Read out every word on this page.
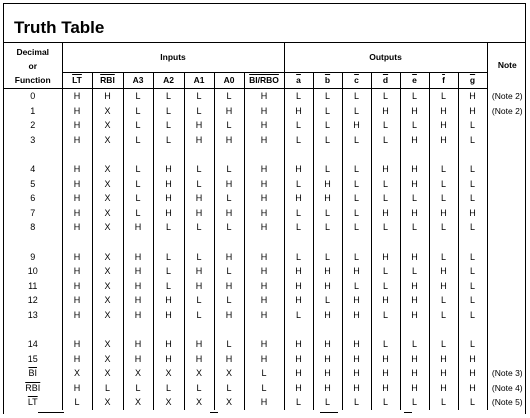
Truth Table
Decimal
or	Inputs							Outputs							Note
Function	$\overline{LT}$	$\overline{RBI}$	A3	A2	A1	A0	BI/RBO	$\overline{a}$	$\overline{b}$	$\overline{c}$	$\overline{d}$	$\overline{e}$	$\overline{f}$	$\overline{g}$
0	H	H	L	L	L	L	H	L	L	L	L	L	L	H	(Note 2)
1	H	X	L	L	L	H	H	H	L	L	H	H	H	H	(Note 2)
2	H	X	L	L	H	L	H	L	L	H	L	L	H	L	
3	H	X	L	L	H	H	H	L	L	L	L	H	H	L	

4	H	X	L	H	L	L	H	H	L	L	H	H	L	L	
5	H	X	L	H	L	H	H	L	H	L	L	H	L	L	
6	H	X	L	H	H	L	H	H	H	L	L	L	L	L	
7	H	X	L	H	H	H	H	L	L	L	H	H	H	H	
8	H	X	H	L	L	L	H	L	L	L	L	L	L	L	

9	H	X	H	L	L	H	H	L	L	L	H	H	L	L	
10	H	X	H	L	H	L	H	H	H	H	L	L	H	L	
11	H	X	H	L	H	H	H	H	H	L	L	H	H	L	
12	H	X	H	H	L	L	H	H	L	H	H	H	L	L	
13	H	X	H	H	L	H	H	L	H	H	L	H	L	L	

14	H	X	H	H	H	L	H	H	H	H	L	L	L	L	
15	H	X	H	H	H	H	H	H	H	H	H	H	H	H	
$\overline{BI}$	X	X	X	X	X	X	L	H	H	H	H	H	H	H	(Note 3)
$\overline{RBI}$	H	L	L	L	L	L	L	H	H	H	H	H	H	H	(Note 4)
$\overline{LT}$	L	X	X	X	X	X	H	L	L	L	L	L	L	L	(Note 5)
